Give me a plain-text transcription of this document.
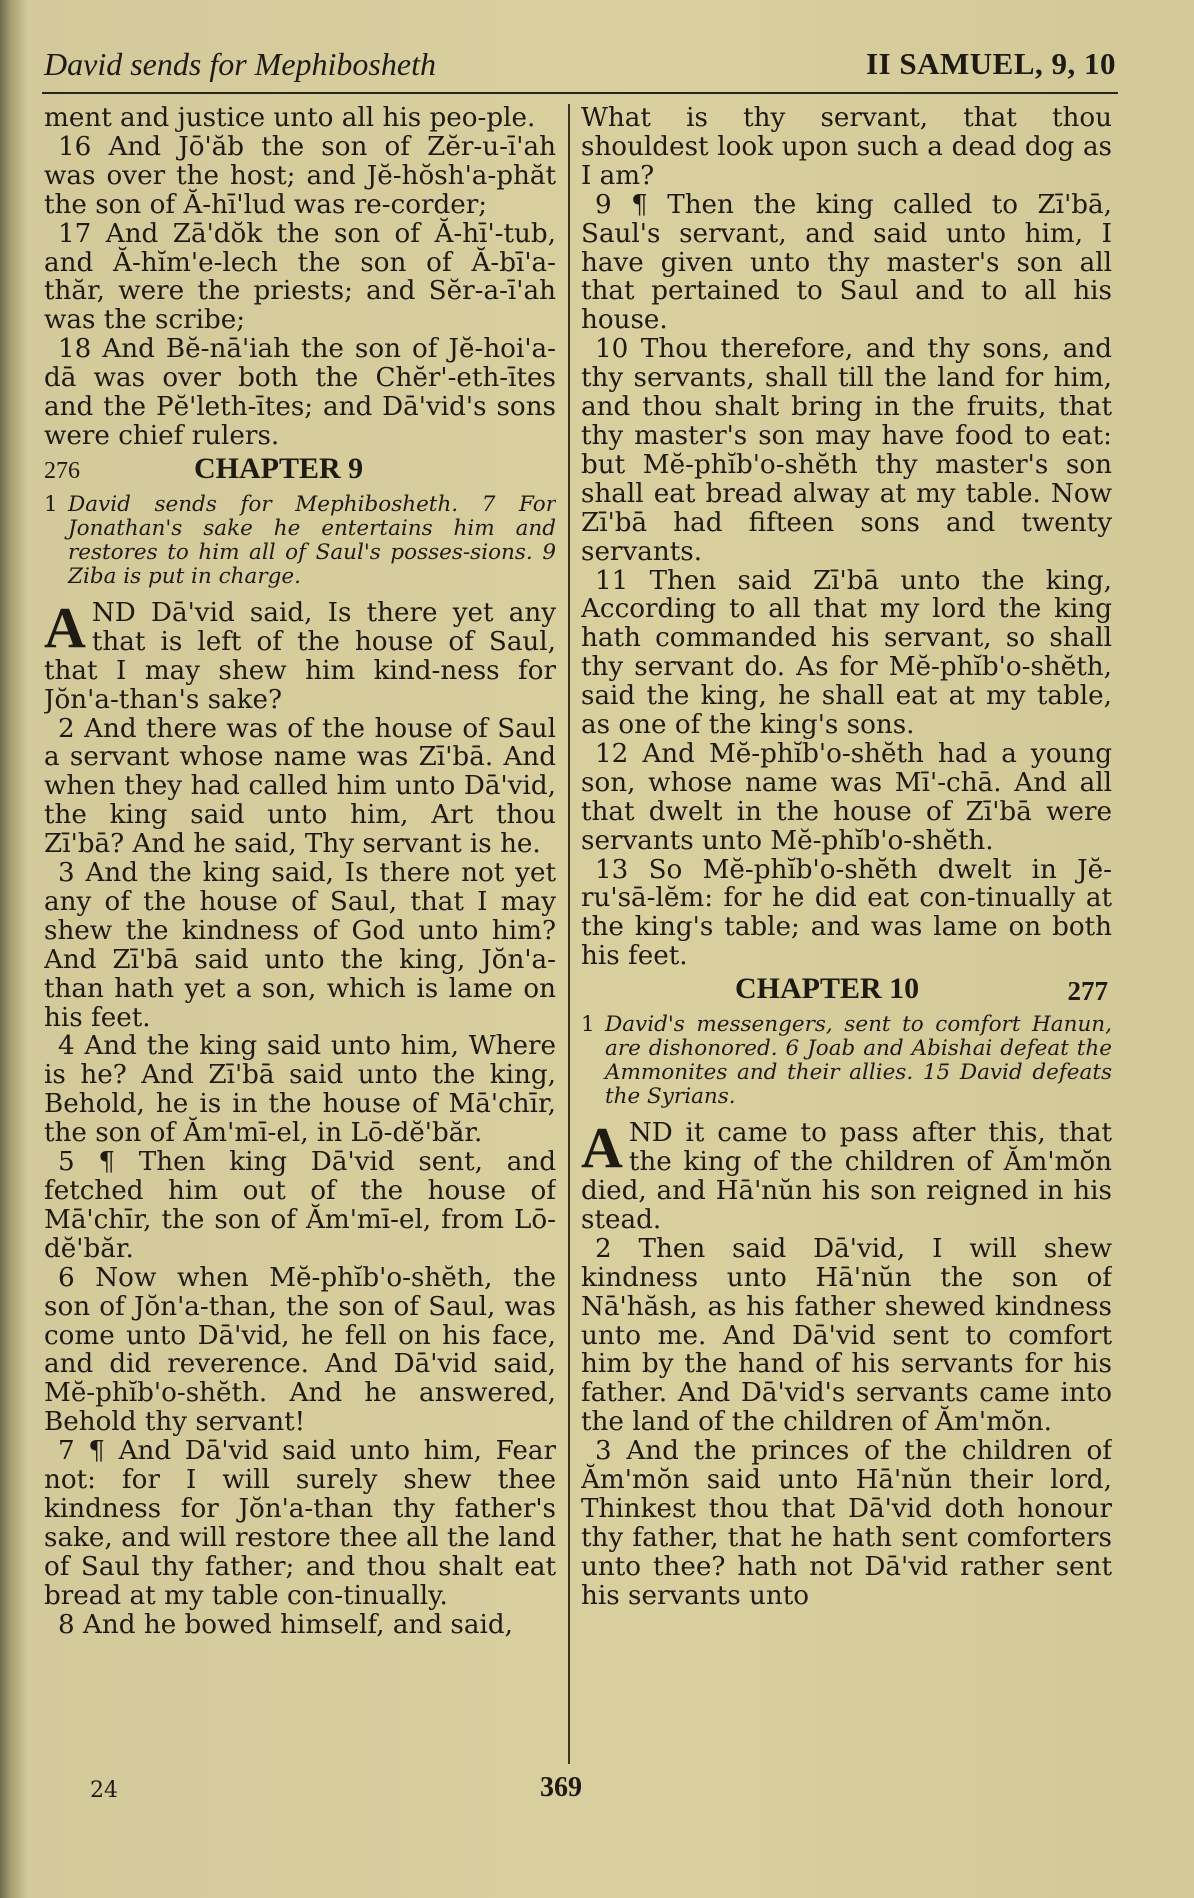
David sends for Mephibosheth	II SAMUEL, 9, 10

ment and justice unto all his peo-ple.

16 And Jō'ăb the son of Zĕr-u-ī'ah was over the host; and Jĕ-hŏsh'a-phăt the son of Ă-hī'lud was re-corder;

17 And Zā'dŏk the son of Ă-hī'-tub, and Ă-hĭm'e-lech the son of Ă-bī'a-thăr, were the priests; and Sĕr-a-ī'ah was the scribe;

18 And Bĕ-nā'iah the son of Jĕ-hoi'a-dā was over both the Chĕr'-eth-ītes and the Pĕ'leth-ītes; and Dā'vid's sons were chief rulers.

276	CHAPTER 9
1 David sends for Mephibosheth. 7 For Jonathan's sake he entertains him and restores to him all of Saul's posses-sions. 9 Ziba is put in charge.

AND Dā'vid said, Is there yet any that is left of the house of Saul, that I may shew him kind-ness for Jŏn'a-than's sake?

2 And there was of the house of Saul a servant whose name was Zī'bā. And when they had called him unto Dā'vid, the king said unto him, Art thou Zī'bā? And he said, Thy servant is he.

3 And the king said, Is there not yet any of the house of Saul, that I may shew the kindness of God unto him? And Zī'bā said unto the king, Jŏn'a-than hath yet a son, which is lame on his feet.

4 And the king said unto him, Where is he? And Zī'bā said unto the king, Behold, he is in the house of Mā'chīr, the son of Ăm'mī-el, in Lō-dĕ'băr.

5 ¶ Then king Dā'vid sent, and fetched him out of the house of Mā'chīr, the son of Ăm'mī-el, from Lō-dĕ'băr.

6 Now when Mĕ-phĭb'o-shĕth, the son of Jŏn'a-than, the son of Saul, was come unto Dā'vid, he fell on his face, and did reverence. And Dā'vid said, Mĕ-phĭb'o-shĕth. And he answered, Behold thy servant!

7 ¶ And Dā'vid said unto him, Fear not: for I will surely shew thee kindness for Jŏn'a-than thy father's sake, and will restore thee all the land of Saul thy father; and thou shalt eat bread at my table con-tinually.

8 And he bowed himself, and said,

What is thy servant, that thou shouldest look upon such a dead dog as I am?

9 ¶ Then the king called to Zī'bā, Saul's servant, and said unto him, I have given unto thy master's son all that pertained to Saul and to all his house.

10 Thou therefore, and thy sons, and thy servants, shall till the land for him, and thou shalt bring in the fruits, that thy master's son may have food to eat: but Mĕ-phĭb'o-shĕth thy master's son shall eat bread alway at my table. Now Zī'bā had fifteen sons and twenty servants.

11 Then said Zī'bā unto the king, According to all that my lord the king hath commanded his servant, so shall thy servant do. As for Mĕ-phĭb'o-shĕth, said the king, he shall eat at my table, as one of the king's sons.

12 And Mĕ-phĭb'o-shĕth had a young son, whose name was Mī'-chā. And all that dwelt in the house of Zī'bā were servants unto Mĕ-phĭb'o-shĕth.

13 So Mĕ-phĭb'o-shĕth dwelt in Jĕ-ru'sā-lĕm: for he did eat con-tinually at the king's table; and was lame on both his feet.

CHAPTER 10	277
1 David's messengers, sent to comfort Hanun, are dishonored. 6 Joab and Abishai defeat the Ammonites and their allies. 15 David defeats the Syrians.

AND it came to pass after this, that the king of the children of Ăm'mŏn died, and Hā'nŭn his son reigned in his stead.

2 Then said Dā'vid, I will shew kindness unto Hā'nŭn the son of Nā'hăsh, as his father shewed kindness unto me. And Dā'vid sent to comfort him by the hand of his servants for his father. And Dā'vid's servants came into the land of the children of Ăm'mŏn.

3 And the princes of the children of Ăm'mŏn said unto Hā'nŭn their lord, Thinkest thou that Dā'vid doth honour thy father, that he hath sent comforters unto thee? hath not Dā'vid rather sent his servants unto

24	369
